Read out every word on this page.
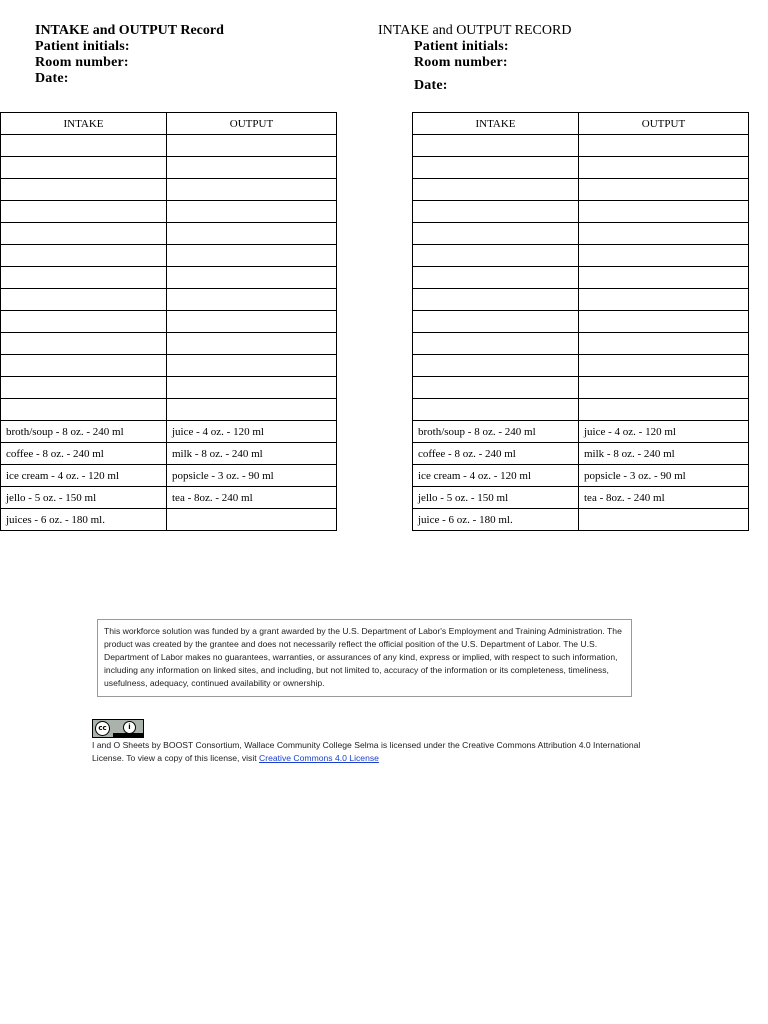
INTAKE and OUTPUT Record
Patient initials:
Room number:
Date:
INTAKE and OUTPUT RECORD
Patient initials:
Room number:
Date:
INTAKE	OUTPUT

broth/soup - 8 oz. - 240 ml	juice - 4 oz. - 120 ml
coffee - 8 oz. - 240 ml	milk - 8 oz. - 240 ml
ice cream - 4 oz. - 120 ml	popsicle - 3 oz. - 90 ml
jello - 5 oz. - 150 ml	tea - 8oz. - 240 ml
juices - 6 oz. - 180 ml.	
INTAKE	OUTPUT

broth/soup - 8 oz. - 240 ml	juice - 4 oz. - 120 ml
coffee - 8 oz. - 240 ml	milk - 8 oz. - 240 ml
ice cream - 4 oz. - 120 ml	popsicle - 3 oz. - 90 ml
jello - 5 oz. - 150 ml	tea - 8oz. - 240 ml
juice - 6 oz. - 180 ml.	
This workforce solution was funded by a grant awarded by the U.S. Department of Labor's Employment and Training Administration. The product was created by the grantee and does not necessarily reflect the official position of the U.S. Department of Labor. The U.S. Department of Labor makes no guarantees, warranties, or assurances of any kind, express or implied, with respect to such information, including any information on linked sites, and including, but not limited to, accuracy of the information or its completeness, timeliness, usefulness, adequacy, continued availability or ownership.
cc	i
I and O Sheets by BOOST Consortium, Wallace Community College Selma is licensed under the Creative Commons Attribution 4.0 International License. To view a copy of this license, visit Creative Commons 4.0 License
